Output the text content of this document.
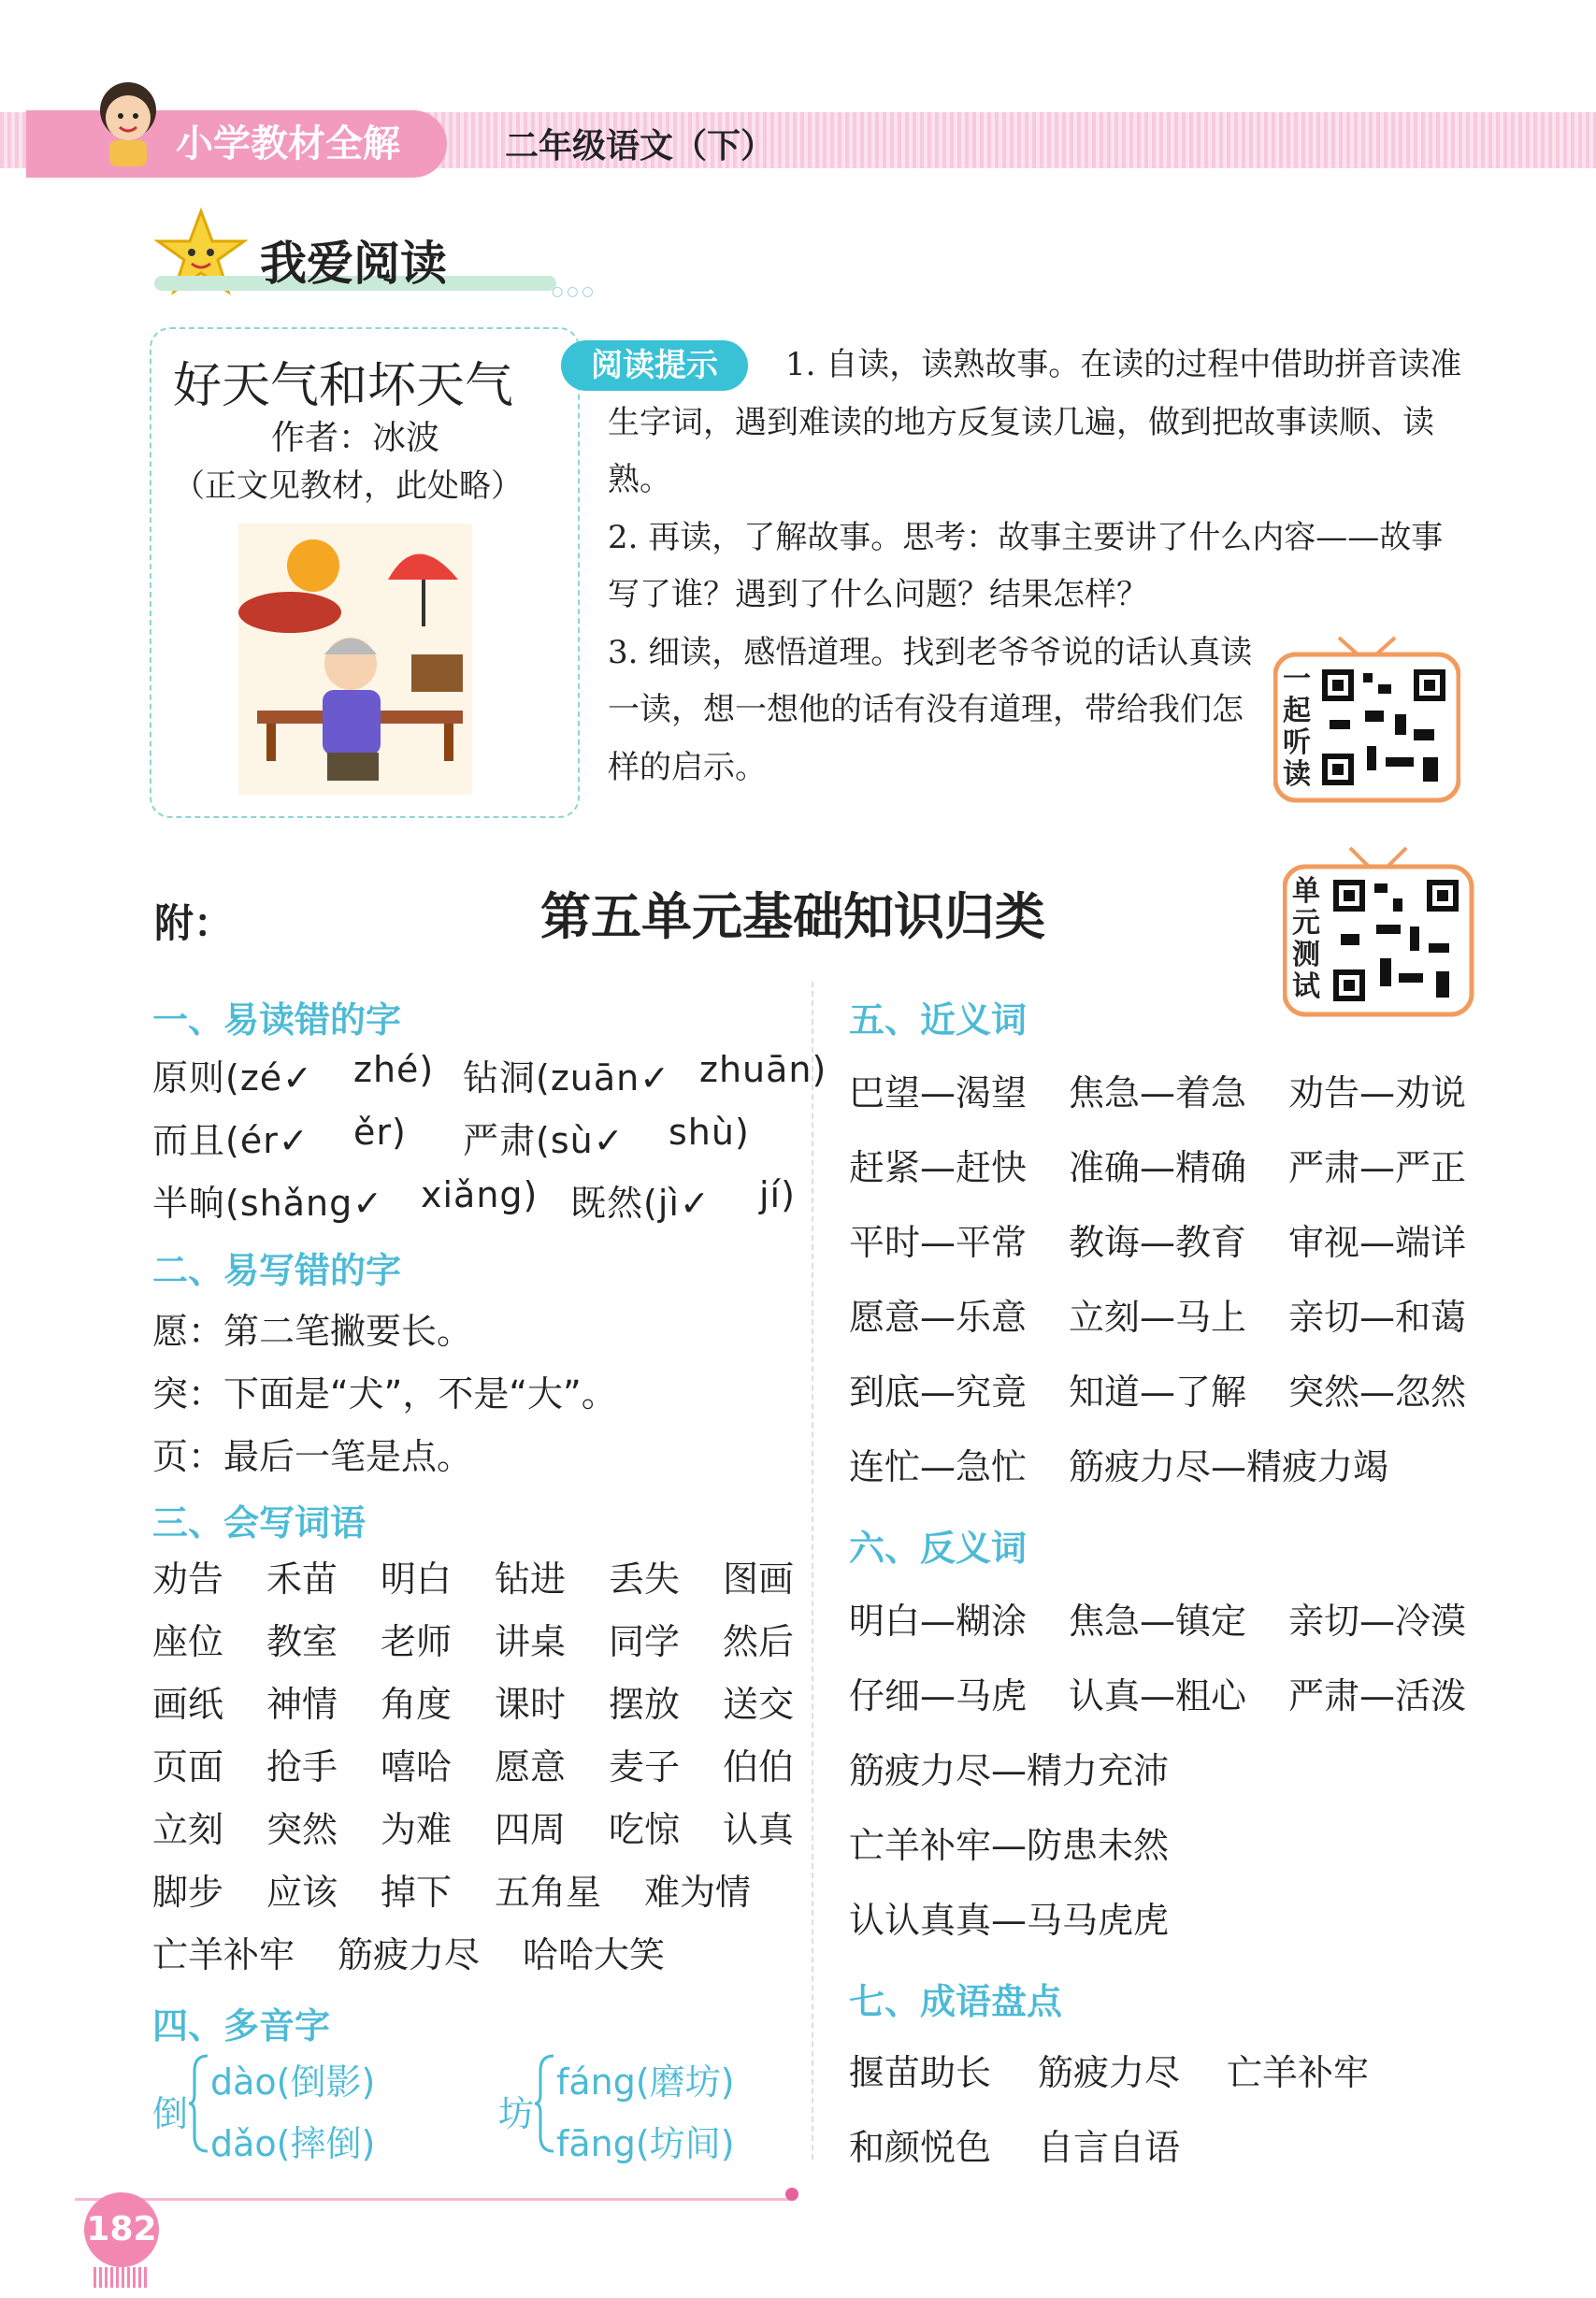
小学教材全解	二年级语文（下）
我爱阅读
○○○
好天气和坏天气
作者：冰波
（正文见教材，此处略）
阅读提示	1. 自读，读熟故事。在读的过程中借助拼音读准生字词，遇到难读的地方反复读几遍，做到把故事读顺、读熟。

2. 再读，了解故事。思考：故事主要讲了什么内容——故事写了谁？遇到了什么问题？结果怎样？

3. 细读，感悟道理。找到老爷爷说的话认真读一读，想一想他的话有没有道理，带给我们怎样的启示。

一起听读
附：	第五单元基础知识归类	单元测试
一、易读错的字
原则(zé✓ zhé) 钻洞(zuān✓ zhuān)
而且(ér✓ ěr) 严肃(sù✓ shù)
半晌(shǎng✓ xiǎng) 既然(jì✓ jí)
二、易写错的字
愿：第二笔撇要长。
突：下面是“犬”，不是“大”。
页：最后一笔是点。
三、会写词语
劝告 禾苗 明白 钻进 丢失 图画
座位 教室 老师 讲桌 同学 然后
画纸 神情 角度 课时 摆放 送交
页面 抢手 嘻哈 愿意 麦子 伯伯
立刻 突然 为难 四周 吃惊 认真
脚步 应该 掉下 五角星 难为情
亡羊补牢 筋疲力尽 哈哈大笑
四、多音字
倒
dào(倒影)
dǎo(摔倒)
坊
fáng(磨坊)
fāng(坊间)
五、近义词
巴望—渴望 焦急—着急 劝告—劝说
赶紧—赶快 准确—精确 严肃—严正
平时—平常 教诲—教育 审视—端详
愿意—乐意 立刻—马上 亲切—和蔼
到底—究竟 知道—了解 突然—忽然
连忙—急忙 筋疲力尽—精疲力竭
六、反义词
明白—糊涂 焦急—镇定 亲切—冷漠
仔细—马虎 认真—粗心 严肃—活泼
筋疲力尽—精力充沛
亡羊补牢—防患未然
认认真真—马马虎虎
七、成语盘点
揠苗助长 筋疲力尽 亡羊补牢
和颜悦色 自言自语
182
